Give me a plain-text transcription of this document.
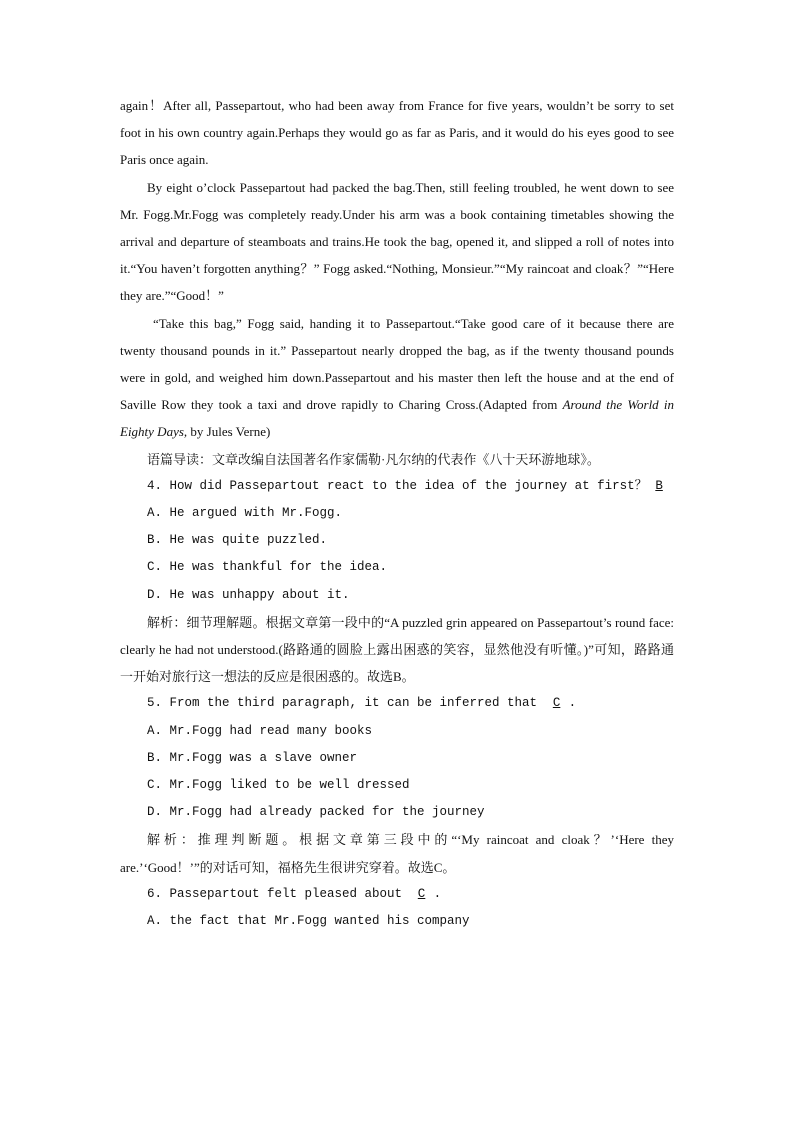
again！After all, Passepartout, who had been away from France for five years, wouldn’t be sorry to set foot in his own country again.Perhaps they would go as far as Paris, and it would do his eyes good to see Paris once again.

By eight o’clock Passepartout had packed the bag.Then, still feeling troubled, he went down to see Mr. Fogg.Mr.Fogg was completely ready.Under his arm was a book containing timetables showing the arrival and departure of steamboats and trains.He took the bag, opened it, and slipped a roll of notes into it.“You haven’t forgotten anything？” Fogg asked.“Nothing, Monsieur.”“My raincoat and cloak？”“Here they are.”“Good！”

“Take this bag,” Fogg said, handing it to Passepartout.“Take good care of it because there are twenty thousand pounds in it.” Passepartout nearly dropped the bag, as if the twenty thousand pounds were in gold, and weighed him down.Passepartout and his master then left the house and at the end of Saville Row they took a taxi and drove rapidly to Charing Cross.(Adapted from Around the World in Eighty Days, by Jules Verne)

语篇导读：文章改编自法国著名作家儒勒·凡尔纳的代表作《八十天环游地球》。

4. How did Passepartout react to the idea of the journey at first？ B

A. He argued with Mr.Fogg.

B. He was quite puzzled.

C. He was thankful for the idea.

D. He was unhappy about it.

解析：细节理解题。根据文章第一段中的“A puzzled grin appeared on Passepartout’s round face: clearly he had not understood.(路路通的圆脸上露出困惑的笑容，显然他没有听懂。)”可知，路路通一开始对旅行这一想法的反应是很困惑的。故选B。

5. From the third paragraph, it can be inferred that C .

A. Mr.Fogg had read many books

B. Mr.Fogg was a slave owner

C. Mr.Fogg liked to be well dressed

D. Mr.Fogg had already packed for the journey

解析：推理判断题。根据文章第三段中的“‘My raincoat and cloak？’‘Here they are.’‘Good！’”的对话可知，福格先生很讲究穿着。故选C。

6. Passepartout felt pleased about C .

A. the fact that Mr.Fogg wanted his company
